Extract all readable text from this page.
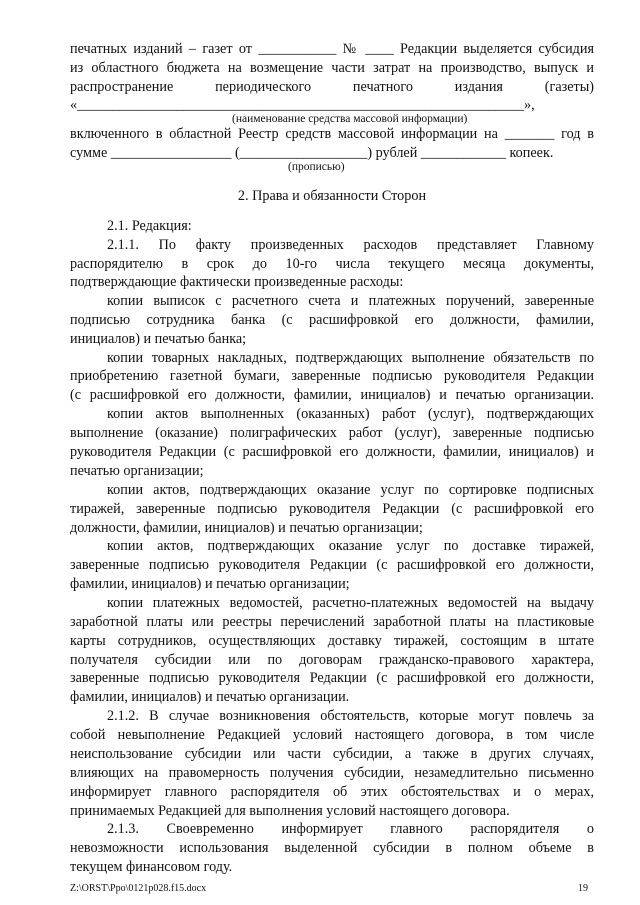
печатных изданий – газет от ___________ № ____ Редакции выделяется субсидия
из областного бюджета на возмещение части затрат на производство, выпуск и
распространение периодического печатного издания (газеты)
«_______________________________________________________________»,
(наименование средства массовой информации)
включенного в областной Реестр средств массовой информации на _______ год в
сумме _________________ (__________________) рублей ____________ копеек.
(прописью)
2. Права и обязанности Сторон
2.1. Редакция:
2.1.1. По факту произведенных расходов представляет Главному
распорядителю в срок до 10-го числа текущего месяца документы,
подтверждающие фактически произведенные расходы:
копии выписок с расчетного счета и платежных поручений, заверенные
подписью сотрудника банка (с расшифровкой его должности, фамилии,
инициалов) и печатью банка;
копии товарных накладных, подтверждающих выполнение обязательств по
приобретению газетной бумаги, заверенные подписью руководителя Редакции
(с расшифровкой его должности, фамилии, инициалов) и печатью организации.
копии актов выполненных (оказанных) работ (услуг), подтверждающих
выполнение (оказание) полиграфических работ (услуг), заверенные подписью
руководителя Редакции (с расшифровкой его должности, фамилии, инициалов) и
печатью организации;
копии актов, подтверждающих оказание услуг по сортировке подписных
тиражей, заверенные подписью руководителя Редакции (с расшифровкой его
должности, фамилии, инициалов) и печатью организации;
копии актов, подтверждающих оказание услуг по доставке тиражей,
заверенные подписью руководителя Редакции (с расшифровкой его должности,
фамилии, инициалов) и печатью организации;
копии платежных ведомостей, расчетно-платежных ведомостей на выдачу
заработной платы или реестры перечислений заработной платы на пластиковые
карты сотрудников, осуществляющих доставку тиражей, состоящим в штате
получателя субсидии или по договорам гражданско-правового характера,
заверенные подписью руководителя Редакции (с расшифровкой его должности,
фамилии, инициалов) и печатью организации.
2.1.2. В случае возникновения обстоятельств, которые могут повлечь за
собой невыполнение Редакцией условий настоящего договора, в том числе
неиспользование субсидии или части субсидии, а также в других случаях,
влияющих на правомерность получения субсидии, незамедлительно письменно
информирует главного распорядителя об этих обстоятельствах и о мерах,
принимаемых Редакцией для выполнения условий настоящего договора.
2.1.3. Своевременно информирует главного распорядителя о
невозможности использования выделенной субсидии в полном объеме в
текущем финансовом году.
Z:\ORST\Ppo\0121p028.f15.docx	19
